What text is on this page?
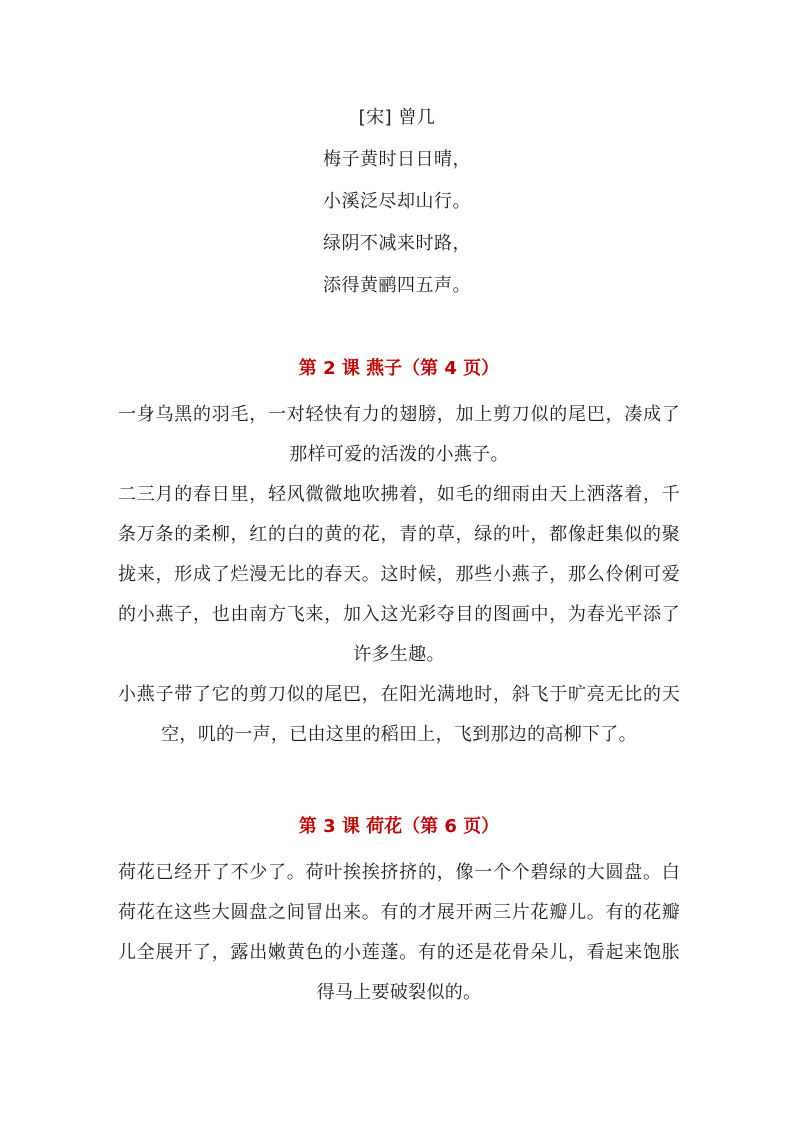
[宋] 曾几
梅子黄时日日晴，
小溪泛尽却山行。
绿阴不减来时路，
添得黄鹂四五声。
第 2 课 燕子（第 4 页）

一身乌黑的羽毛，一对轻快有力的翅膀，加上剪刀似的尾巴，凑成了那样可爱的活泼的小燕子。

二三月的春日里，轻风微微地吹拂着，如毛的细雨由天上洒落着，千条万条的柔柳，红的白的黄的花，青的草，绿的叶，都像赶集似的聚拢来，形成了烂漫无比的春天。这时候，那些小燕子，那么伶俐可爱的小燕子，也由南方飞来，加入这光彩夺目的图画中，为春光平添了许多生趣。

小燕子带了它的剪刀似的尾巴，在阳光满地时，斜飞于旷亮无比的天空，叽的一声，已由这里的稻田上，飞到那边的高柳下了。

第 3 课 荷花（第 6 页）

荷花已经开了不少了。荷叶挨挨挤挤的，像一个个碧绿的大圆盘。白荷花在这些大圆盘之间冒出来。有的才展开两三片花瓣儿。有的花瓣儿全展开了，露出嫩黄色的小莲蓬。有的还是花骨朵儿，看起来饱胀得马上要破裂似的。
